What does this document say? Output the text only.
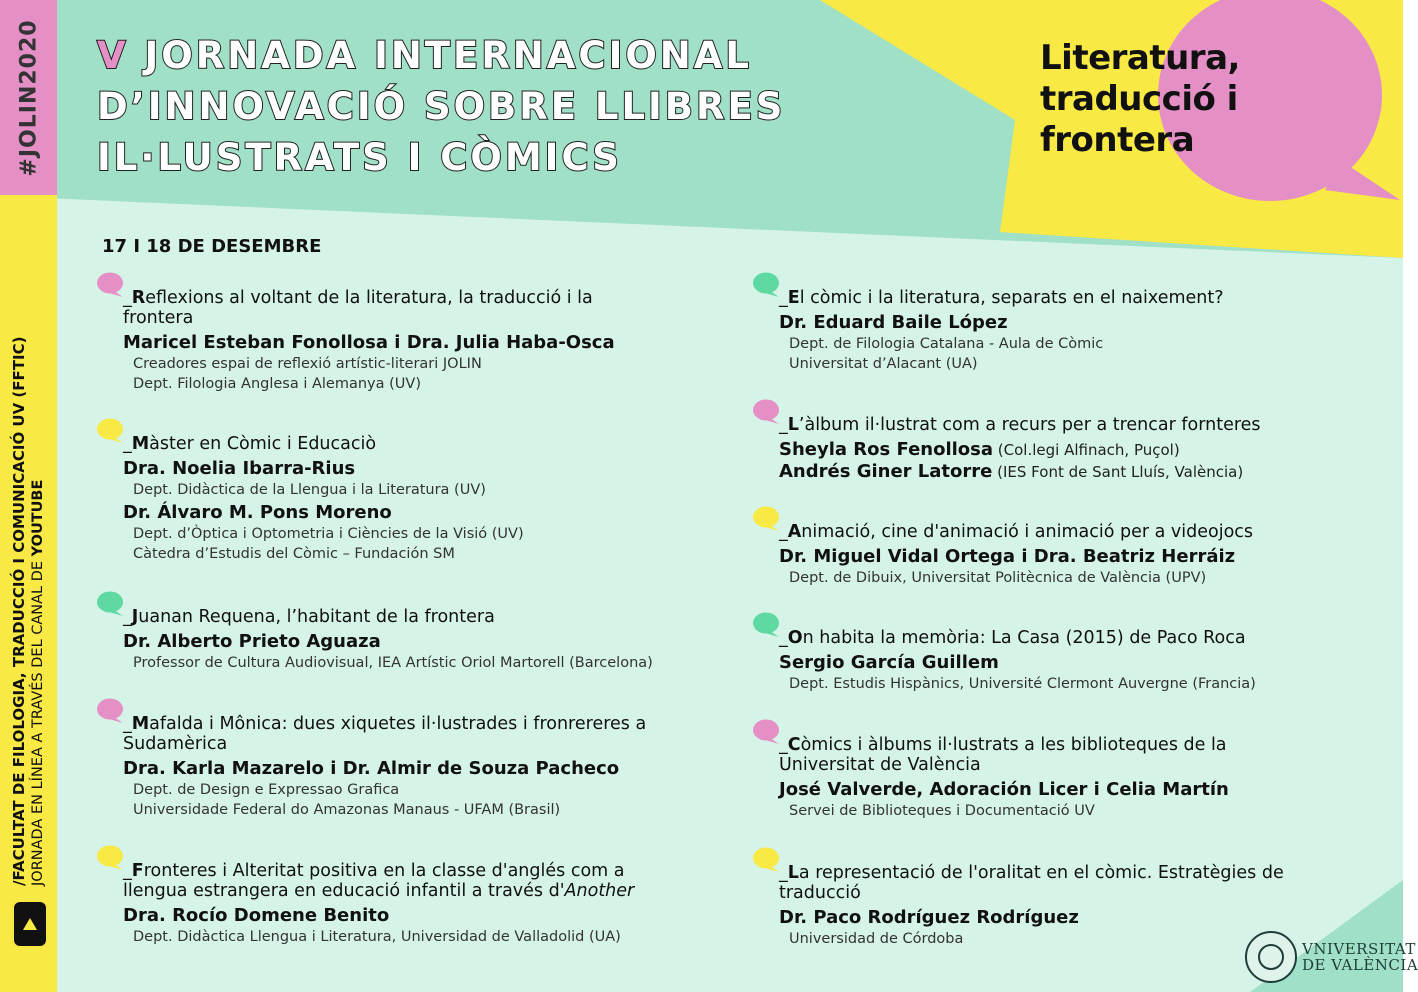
#JOLIN2020
/FACULTAT DE FILOLOGIA, TRADUCCIÓ I COMUNICACIÓ UV (FFTIC) JORNADA EN LÍNEA A TRAVÉS DEL CANAL DE YOUTUBE
V JORNADA INTERNACIONAL
D’INNOVACIÓ SOBRE LLIBRES
IL·LUSTRATS I CÒMICS
Literatura,
traducció i
frontera
17 I 18 DE DESEMBRE
_Reflexions al voltant de la literatura, la traducció i la frontera
Maricel Esteban Fonollosa i Dra. Julia Haba-Osca
Creadores espai de reflexió artístic-literari JOLIN
Dept. Filologia Anglesa i Alemanya (UV)
_Màster en Còmic i Educaciò
Dra. Noelia Ibarra-Rius
Dept. Didàctica de la Llengua i la Literatura (UV)
Dr. Álvaro M. Pons Moreno
Dept. d’Òptica i Optometria i Ciències de la Visió (UV)
Càtedra d’Estudis del Còmic – Fundación SM
_Juanan Requena, l’habitant de la frontera
Dr. Alberto Prieto Aguaza
Professor de Cultura Audiovisual, IEA Artístic Oriol Martorell (Barcelona)
_Mafalda i Mônica: dues xiquetes il·lustrades i fronrereres a Sudamèrica
Dra. Karla Mazarelo i Dr. Almir de Souza Pacheco
Dept. de Design e Expressao Grafica
Universidade Federal do Amazonas Manaus - UFAM (Brasil)
_Fronteres i Alteritat positiva en la classe d'anglés com a llengua estrangera en educació infantil a través d'Another
Dra. Rocío Domene Benito
Dept. Didàctica Llengua i Literatura, Universidad de Valladolid (UA)
_El còmic i la literatura, separats en el naixement?
Dr. Eduard Baile López
Dept. de Filologia Catalana - Aula de Còmic
Universitat d’Alacant (UA)
_L’àlbum il·lustrat com a recurs per a trencar fornteres
Sheyla Ros Fenollosa (Col.legi Alfinach, Puçol)
Andrés Giner Latorre (IES Font de Sant Lluís, València)
_Animació, cine d'animació i animació per a videojocs
Dr. Miguel Vidal Ortega i Dra. Beatriz Herráiz
Dept. de Dibuix, Universitat Politècnica de València (UPV)
_On habita la memòria: La Casa (2015) de Paco Roca
Sergio García Guillem
Dept. Estudis Hispànics, Université Clermont Auvergne (Francia)
_Còmics i àlbums il·lustrats a les biblioteques de la Universitat de València
José Valverde, Adoración Licer i Celia Martín
Servei de Biblioteques i Documentació UV
_La representació de l'oralitat en el còmic. Estratègies de traducció
Dr. Paco Rodríguez Rodríguez
Universidad de Córdoba
VNIVERSITAT
DE VALÈNCIA
